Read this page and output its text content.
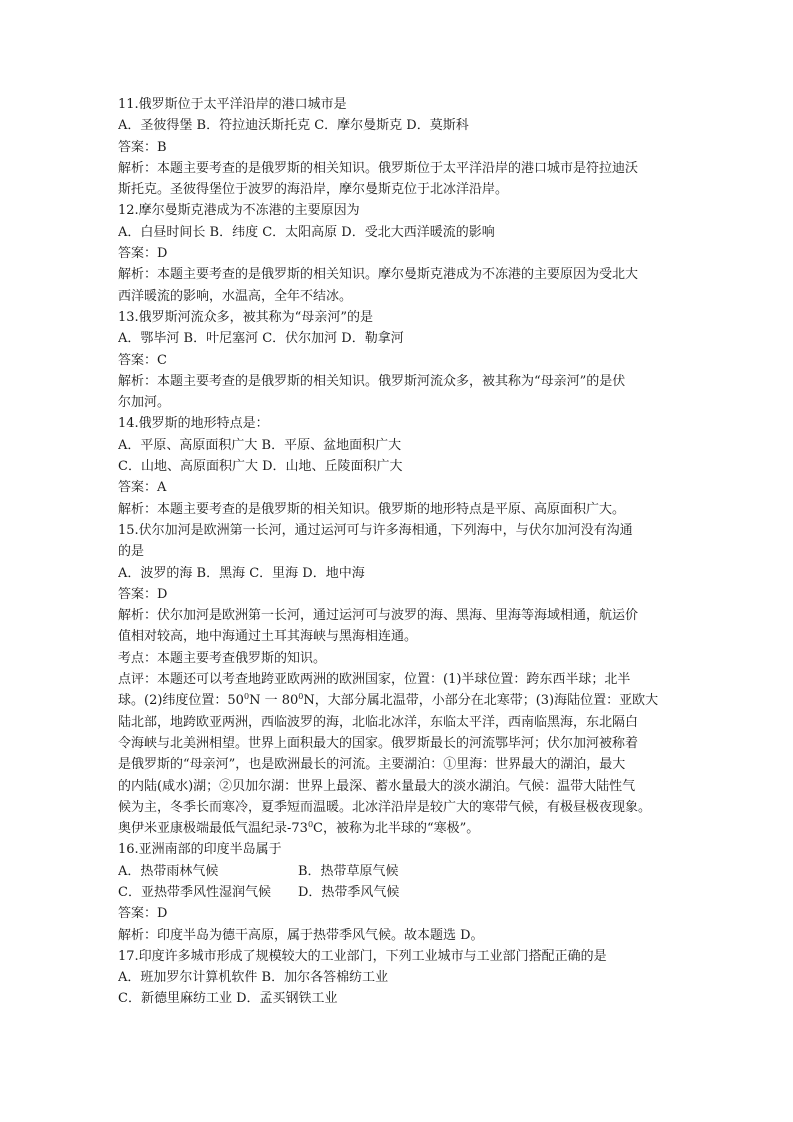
11.俄罗斯位于太平洋沿岸的港口城市是
A．圣彼得堡 B．符拉迪沃斯托克 C．摩尔曼斯克 D．莫斯科
答案：B
解析：本题主要考查的是俄罗斯的相关知识。俄罗斯位于太平洋沿岸的港口城市是符拉迪沃
斯托克。圣彼得堡位于波罗的海沿岸，摩尔曼斯克位于北冰洋沿岸。
12.摩尔曼斯克港成为不冻港的主要原因为
A．白昼时间长 B．纬度 C．太阳高原 D．受北大西洋暖流的影响
答案：D
解析：本题主要考查的是俄罗斯的相关知识。摩尔曼斯克港成为不冻港的主要原因为受北大
西洋暖流的影响，水温高，全年不结冰。
13.俄罗斯河流众多，被其称为“母亲河”的是
A．鄂毕河 B．叶尼塞河 C．伏尔加河 D．勒拿河
答案：C
解析：本题主要考查的是俄罗斯的相关知识。俄罗斯河流众多，被其称为“母亲河”的是伏
尔加河。
14.俄罗斯的地形特点是：
A．平原、高原面积广大 B．平原、盆地面积广大
C．山地、高原面积广大 D．山地、丘陵面积广大
答案：A
解析：本题主要考查的是俄罗斯的相关知识。俄罗斯的地形特点是平原、高原面积广大。
15.伏尔加河是欧洲第一长河，通过运河可与许多海相通，下列海中，与伏尔加河没有沟通
的是
A．波罗的海 B．黑海 C．里海 D．地中海
答案：D
解析：伏尔加河是欧洲第一长河，通过运河可与波罗的海、黑海、里海等海域相通，航运价
值相对较高，地中海通过土耳其海峡与黑海相连通。
考点：本题主要考查俄罗斯的知识。
点评：本题还可以考查地跨亚欧两洲的欧洲国家，位置：(1)半球位置：跨东西半球；北半
球。(2)纬度位置：$50^0N$ 一 $80^0N$，大部分属北温带，小部分在北寒带；(3)海陆位置：亚欧大
陆北部，地跨欧亚两洲，西临波罗的海，北临北冰洋，东临太平洋，西南临黑海，东北隔白
令海峡与北美洲相望。世界上面积最大的国家。俄罗斯最长的河流鄂毕河；伏尔加河被称着
是俄罗斯的“母亲河”，也是欧洲最长的河流。主要湖泊：①里海：世界最大的湖泊，最大
的内陆(咸水)湖；②贝加尔湖：世界上最深、蓄水量最大的淡水湖泊。气候：温带大陆性气
候为主，冬季长而寒冷，夏季短而温暖。北冰洋沿岸是较广大的寒带气候，有极昼极夜现象。
奥伊米亚康极端最低气温纪录$-73^0C$，被称为北半球的“寒极”。
16.亚洲南部的印度半岛属于
A．热带雨林气候	B．热带草原气候
C．亚热带季风性湿润气候 D．热带季风气候
答案：D
解析：印度半岛为德干高原，属于热带季风气候。故本题选 D。
17.印度许多城市形成了规模较大的工业部门，下列工业城市与工业部门搭配正确的是
A．班加罗尔计算机软件 B．加尔各答棉纺工业
C．新德里麻纺工业 D．孟买钢铁工业
